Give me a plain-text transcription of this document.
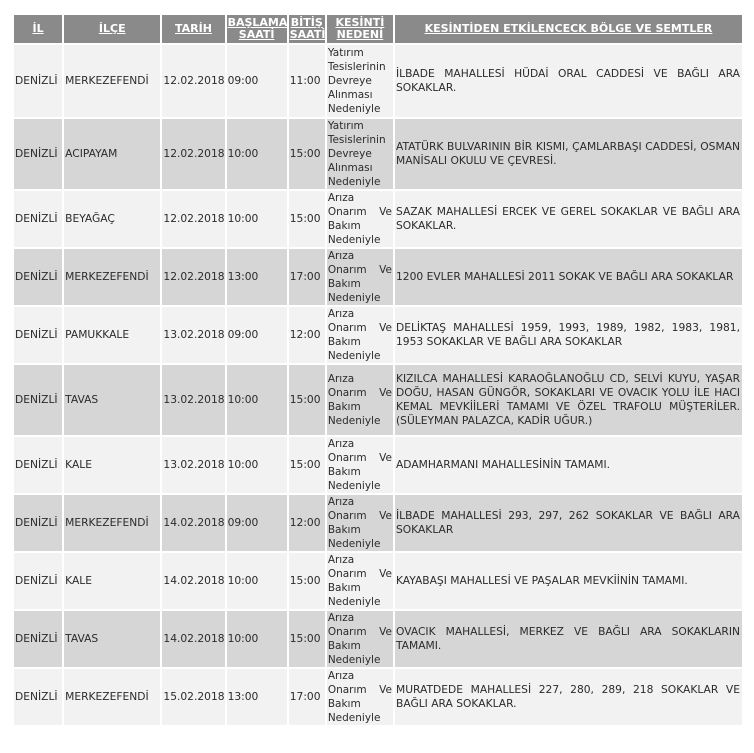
İL	İLÇE	TARİH	BAŞLAMA SAATİ	BİTİŞ SAATİ	KESİNTİ NEDENİ	KESİNTİDEN ETKİLENCECK BÖLGE VE SEMTLER
DENİZLİ	MERKEZEFENDİ	12.02.2018	09:00	11:00	Yatırım Tesislerinin Devreye Alınması Nedeniyle	İLBADE MAHALLESİ HÜDAİ ORAL CADDESİ VE BAĞLI ARA SOKAKLAR.
DENİZLİ	ACIPAYAM	12.02.2018	10:00	15:00	Yatırım Tesislerinin Devreye Alınması Nedeniyle	ATATÜRK BULVARININ BİR KISMI, ÇAMLARBAŞI CADDESİ, OSMAN MANİSALI OKULU VE ÇEVRESİ.
DENİZLİ	BEYAĞAÇ	12.02.2018	10:00	15:00	Arıza Onarım Ve Bakım Nedeniyle	SAZAK MAHALLESİ ERCEK VE GEREL SOKAKLAR VE BAĞLI ARA SOKAKLAR.
DENİZLİ	MERKEZEFENDİ	12.02.2018	13:00	17:00	Arıza Onarım Ve Bakım Nedeniyle	1200 EVLER MAHALLESİ 2011 SOKAK VE BAĞLI ARA SOKAKLAR
DENİZLİ	PAMUKKALE	13.02.2018	09:00	12:00	Arıza Onarım Ve Bakım Nedeniyle	DELİKTAŞ MAHALLESİ 1959, 1993, 1989, 1982, 1983, 1981, 1953 SOKAKLAR VE BAĞLI ARA SOKAKLAR
DENİZLİ	TAVAS	13.02.2018	10:00	15:00	Arıza Onarım Ve Bakım Nedeniyle	KIZILCA MAHALLESİ KARAOĞLANOĞLU CD, SELVİ KUYU, YAŞAR DOĞU, HASAN GÜNGÖR, SOKAKLARI VE OVACIK YOLU İLE HACI KEMAL MEVKİİLERİ TAMAMI VE ÖZEL TRAFOLU MÜŞTERİLER. (SÜLEYMAN PALAZCA, KADİR UĞUR.)
DENİZLİ	KALE	13.02.2018	10:00	15:00	Arıza Onarım Ve Bakım Nedeniyle	ADAMHARMANI MAHALLESİNİN TAMAMI.
DENİZLİ	MERKEZEFENDİ	14.02.2018	09:00	12:00	Arıza Onarım Ve Bakım Nedeniyle	İLBADE MAHALLESİ 293, 297, 262 SOKAKLAR VE BAĞLI ARA SOKAKLAR
DENİZLİ	KALE	14.02.2018	10:00	15:00	Arıza Onarım Ve Bakım Nedeniyle	KAYABAŞI MAHALLESİ VE PAŞALAR MEVKİİNİN TAMAMI.
DENİZLİ	TAVAS	14.02.2018	10:00	15:00	Arıza Onarım Ve Bakım Nedeniyle	OVACIK MAHALLESİ, MERKEZ VE BAĞLI ARA SOKAKLARIN TAMAMI.
DENİZLİ	MERKEZEFENDİ	15.02.2018	13:00	17:00	Arıza Onarım Ve Bakım Nedeniyle	MURATDEDE MAHALLESİ 227, 280, 289, 218 SOKAKLAR VE BAĞLI ARA SOKAKLAR.
